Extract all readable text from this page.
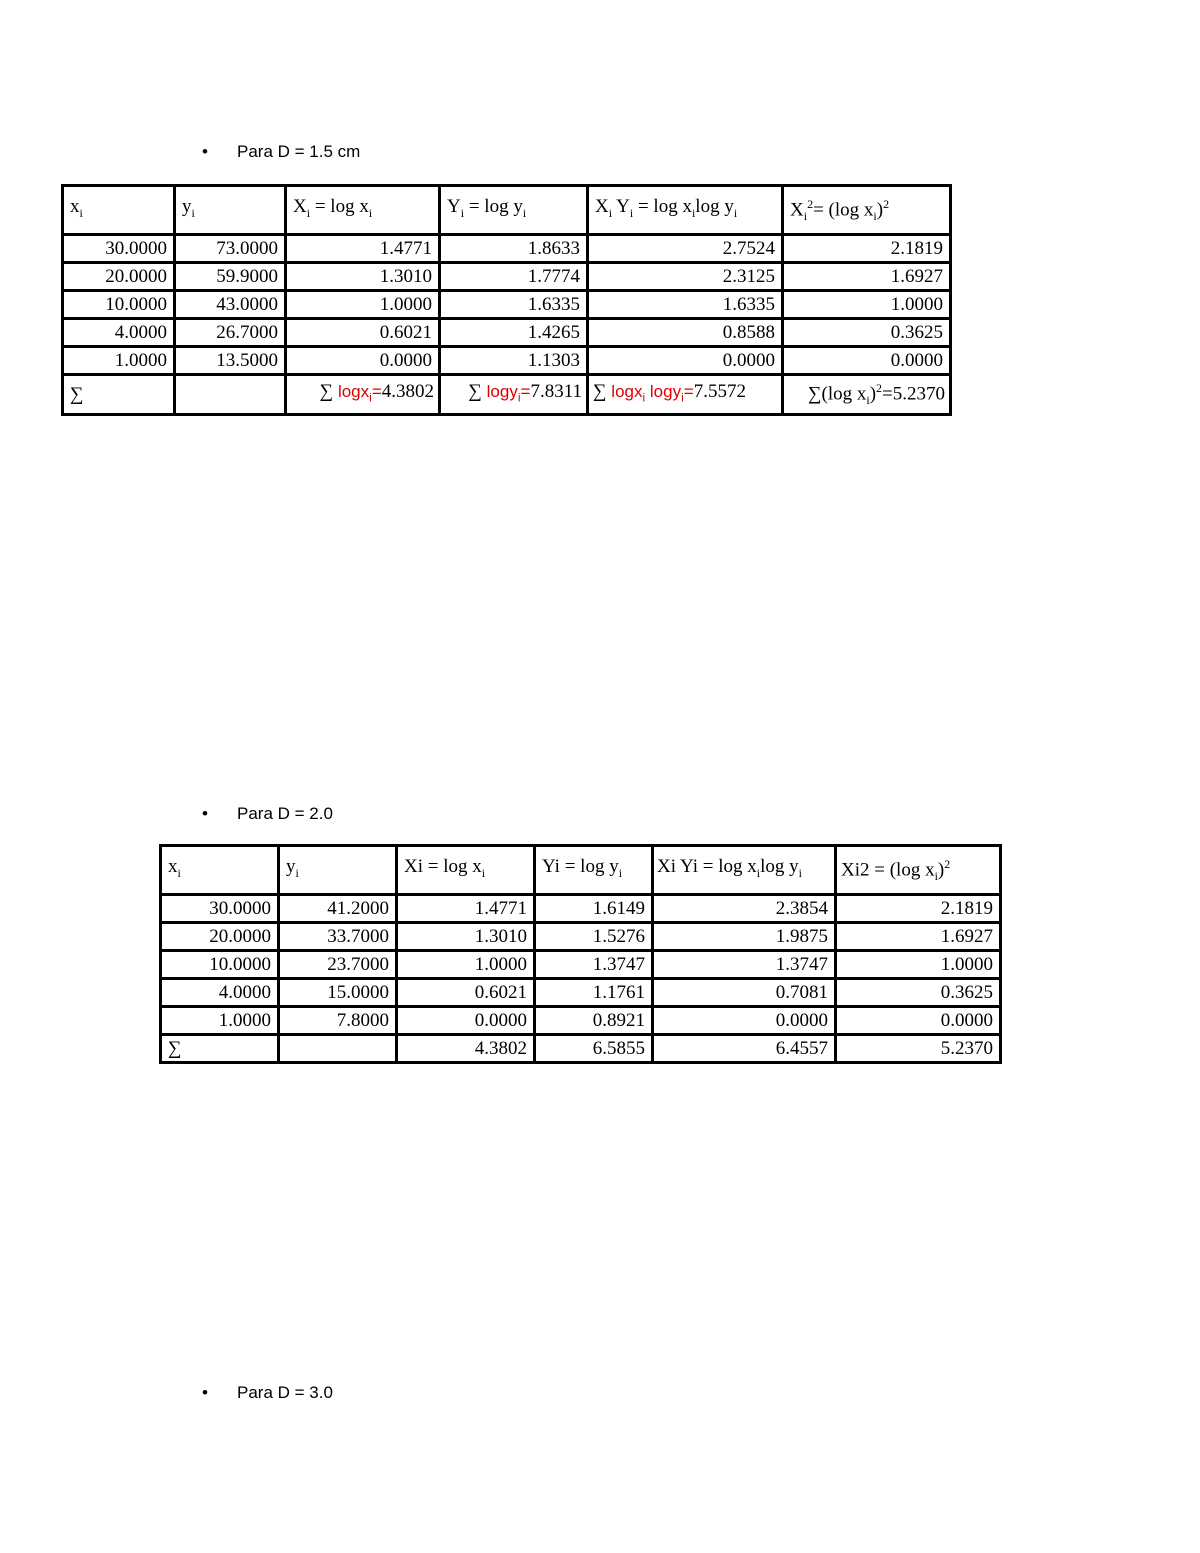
• Para D = 1.5 cm
$x_i$	$y_i$	$X_i = \log x_i$	$Y_i = \log y_i$	$X_i$ $Y_i = \log x_i\log$ $y_i$	$X_i^2= (\log$ $x_i)^2$
30.0000	73.0000	1.4771	1.8633	2.7524	2.1819
20.0000	59.9000	1.3010	1.7774	2.3125	1.6927
10.0000	43.0000	1.0000	1.6335	1.6335	1.0000
4.0000	26.7000	0.6021	1.4265	0.8588	0.3625
1.0000	13.5000	0.0000	1.1303	0.0000	0.0000
∑		∑ logx$_i$=4.3802	∑ logy$_i$=7.8311	∑ logx$_i$ logy$_i$=7.5572	∑(log $x_i)^2=5.2370$
• Para D = 2.0
$x_i$	$y_i$	$Xi = \log x_i$	$Yi = \log y_i$	Xi $Yi = \log x_i\log$ $y_i$	Xi2 = (log $x_i)^2$
30.0000	41.2000	1.4771	1.6149	2.3854	2.1819
20.0000	33.7000	1.3010	1.5276	1.9875	1.6927
10.0000	23.7000	1.0000	1.3747	1.3747	1.0000
4.0000	15.0000	0.6021	1.1761	0.7081	0.3625
1.0000	7.8000	0.0000	0.8921	0.0000	0.0000
∑		4.3802	6.5855	6.4557	5.2370
• Para D = 3.0
